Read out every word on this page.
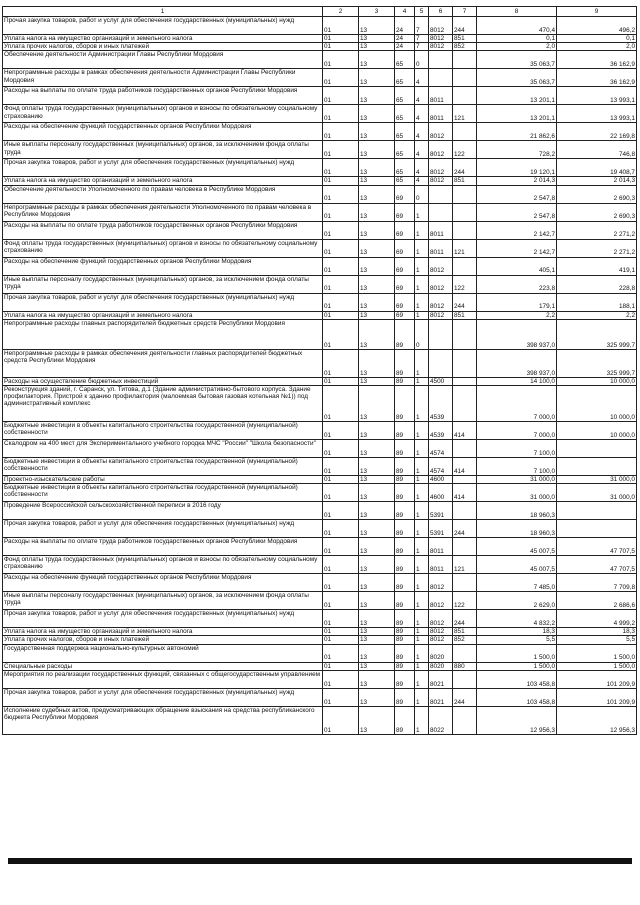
1	2	3	4	5	6	7	8	9
Прочая закупка товаров, работ и услуг для обеспечения государственных (муниципальных) нужд	01	13	24	7	8012	244	470,4	496,2
Уплата налога на имущество организаций и земельного налога	01	13	24	7	8012	851	0,1	0,1
Уплата прочих налогов, сборов и иных платежей	01	13	24	7	8012	852	2,0	2,0
Обеспечение деятельности Администрации Главы Республики Мордовия	01	13	65	0			35 063,7	36 162,9
Непрограммные расходы в рамках обеспечения деятельности Администрации Главы Республики Мордовия	01	13	65	4			35 063,7	36 162,9
Расходы на выплаты по оплате труда работников государственных органов Республики Мордовия	01	13	65	4	8011		13 201,1	13 993,1
Фонд оплаты труда государственных (муниципальных) органов и взносы по обязательному социальному страхованию	01	13	65	4	8011	121	13 201,1	13 993,1
Расходы на обеспечение функций государственных органов Республики Мордовия	01	13	65	4	8012		21 862,6	22 169,8
Иные выплаты персоналу государственных (муниципальных) органов, за исключением фонда оплаты труда	01	13	65	4	8012	122	728,2	746,8
Прочая закупка товаров, работ и услуг для обеспечения государственных (муниципальных) нужд	01	13	65	4	8012	244	19 120,1	19 408,7
Уплата налога на имущество организаций и земельного налога	01	13	65	4	8012	851	2 014,3	2 014,3
Обеспечение деятельности Уполномоченного по правам человека в Республике Мордовия	01	13	69	0			2 547,8	2 690,3
Непрограммные расходы в рамках обеспечения деятельности Уполномоченного по правам человека в Республике Мордовия	01	13	69	1			2 547,8	2 690,3
Расходы на выплаты по оплате труда работников государственных органов Республики Мордовия	01	13	69	1	8011		2 142,7	2 271,2
Фонд оплаты труда государственных (муниципальных) органов и взносы по обязательному социальному страхованию	01	13	69	1	8011	121	2 142,7	2 271,2
Расходы на обеспечение функций государственных органов Республики Мордовия	01	13	69	1	8012		405,1	419,1
Иные выплаты персоналу государственных (муниципальных) органов, за исключением фонда оплаты труда	01	13	69	1	8012	122	223,8	228,8
Прочая закупка товаров, работ и услуг для обеспечения государственных (муниципальных) нужд	01	13	69	1	8012	244	179,1	188,1
Уплата налога на имущество организаций и земельного налога	01	13	69	1	8012	851	2,2	2,2
Непрограммные расходы главных распорядителей бюджетных средств Республики Мордовия	01	13	89	0			398 937,0	325 999,7
Непрограммные расходы в рамках обеспечения деятельности главных распорядителей бюджетных средств Республики Мордовия	01	13	89	1			398 937,0	325 999,7
Расходы на осуществление бюджетных инвестиций	01	13	89	1	4500		14 100,0	10 000,0
Реконструкция зданий, г. Саранск, ул. Титова, д.1 (Здание административно-бытового корпуса. Здание профилактория. Пристрой к зданию профилактория (малоемкая бытовая газовая котельная №1)) под административный комплекс	01	13	89	1	4539		7 000,0	10 000,0
Бюджетные инвестиции в объекты капитального строительства государственной (муниципальной) собственности	01	13	89	1	4539	414	7 000,0	10 000,0
Скалодром на 400 мест для Экспериментального учебного городка МЧС "России" "Школа безопасности"	01	13	89	1	4574		7 100,0	
Бюджетные инвестиции в объекты капитального строительства государственной (муниципальной) собственности	01	13	89	1	4574	414	7 100,0	
Проектно-изыскательские работы	01	13	89	1	4600		31 000,0	31 000,0
Бюджетные инвестиции в объекты капитального строительства государственной (муниципальной) собственности	01	13	89	1	4600	414	31 000,0	31 000,0
Проведение Всероссийской сельскохозяйственной переписи в 2016 году	01	13	89	1	5391		18 960,3	
Прочая закупка товаров, работ и услуг для обеспечения государственных (муниципальных) нужд	01	13	89	1	5391	244	18 960,3	
Расходы на выплаты по оплате труда работников государственных органов Республики Мордовия	01	13	89	1	8011		45 007,5	47 707,5
Фонд оплаты труда государственных (муниципальных) органов и взносы по обязательному социальному страхованию	01	13	89	1	8011	121	45 007,5	47 707,5
Расходы на обеспечение функций государственных органов Республики Мордовия	01	13	89	1	8012		7 485,0	7 709,8
Иные выплаты персоналу государственных (муниципальных) органов, за исключением фонда оплаты труда	01	13	89	1	8012	122	2 629,0	2 686,6
Прочая закупка товаров, работ и услуг для обеспечения государственных (муниципальных) нужд	01	13	89	1	8012	244	4 832,2	4 999,2
Уплата налога на имущество организаций и земельного налога	01	13	89	1	8012	851	18,3	18,3
Уплата прочих налогов, сборов и иных платежей	01	13	89	1	8012	852	5,5	5,5
Государственная поддержка национально-культурных автономий	01	13	89	1	8020		1 500,0	1 500,0
Специальные расходы	01	13	89	1	8020	880	1 500,0	1 500,0
Мероприятия по реализации государственных функций, связанных с общегосударственным управлением	01	13	89	1	8021		103 458,8	101 209,9
Прочая закупка товаров, работ и услуг для обеспечения государственных (муниципальных) нужд	01	13	89	1	8021	244	103 458,8	101 209,9
Исполнение судебных актов, предусматривающих обращение взыскания на средства республиканского бюджета Республики Мордовия	01	13	89	1	8022		12 956,3	12 956,3
